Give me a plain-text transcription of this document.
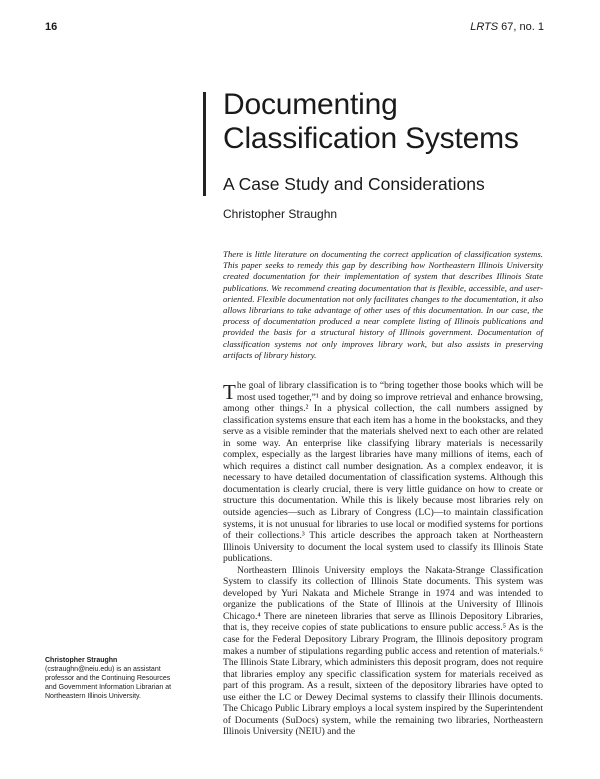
16	LRTS 67, no. 1
Documenting Classification Systems
A Case Study and Considerations
Christopher Straughn

There is little literature on documenting the correct application of classification systems. This paper seeks to remedy this gap by describing how Northeastern Illinois University created documentation for their implementation of system that describes Illinois State publications. We recommend creating documentation that is flexible, accessible, and user-oriented. Flexible documentation not only facilitates changes to the documentation, it also allows librarians to take advantage of other uses of this documentation. In our case, the process of documentation produced a near complete listing of Illinois publications and provided the basis for a structural history of Illinois government. Documentation of classification systems not only improves library work, but also assists in preserving artifacts of library history.

The goal of library classification is to “bring together those books which will be most used together,”¹ and by doing so improve retrieval and enhance browsing, among other things.² In a physical collection, the call numbers assigned by classification systems ensure that each item has a home in the bookstacks, and they serve as a visible reminder that the materials shelved next to each other are related in some way. An enterprise like classifying library materials is necessarily complex, especially as the largest libraries have many millions of items, each of which requires a distinct call number designation. As a complex endeavor, it is necessary to have detailed documentation of classification systems. Although this documentation is clearly crucial, there is very little guidance on how to create or structure this documentation. While this is likely because most libraries rely on outside agencies—such as Library of Congress (LC)—to maintain classification systems, it is not unusual for libraries to use local or modified systems for portions of their collections.³ This article describes the approach taken at Northeastern Illinois University to document the local system used to classify its Illinois State publications.

Northeastern Illinois University employs the Nakata-Strange Classification System to classify its collection of Illinois State documents. This system was developed by Yuri Nakata and Michele Strange in 1974 and was intended to organize the publications of the State of Illinois at the University of Illinois Chicago.⁴ There are nineteen libraries that serve as Illinois Depository Libraries, that is, they receive copies of state publications to ensure public access.⁵ As is the case for the Federal Depository Library Program, the Illinois depository program makes a number of stipulations regarding public access and retention of materials.⁶ The Illinois State Library, which administers this deposit program, does not require that libraries employ any specific classification system for materials received as part of this program. As a result, sixteen of the depository libraries have opted to use either the LC or Dewey Decimal systems to classify their Illinois documents. The Chicago Public Library employs a local system inspired by the Superintendent of Documents (SuDocs) system, while the remaining two libraries, Northeastern Illinois University (NEIU) and the

Christopher Straughn (cstraughn@neiu.edu) is an assistant professor and the Continuing Resources and Government Information Librarian at Northeastern Illinois University.
